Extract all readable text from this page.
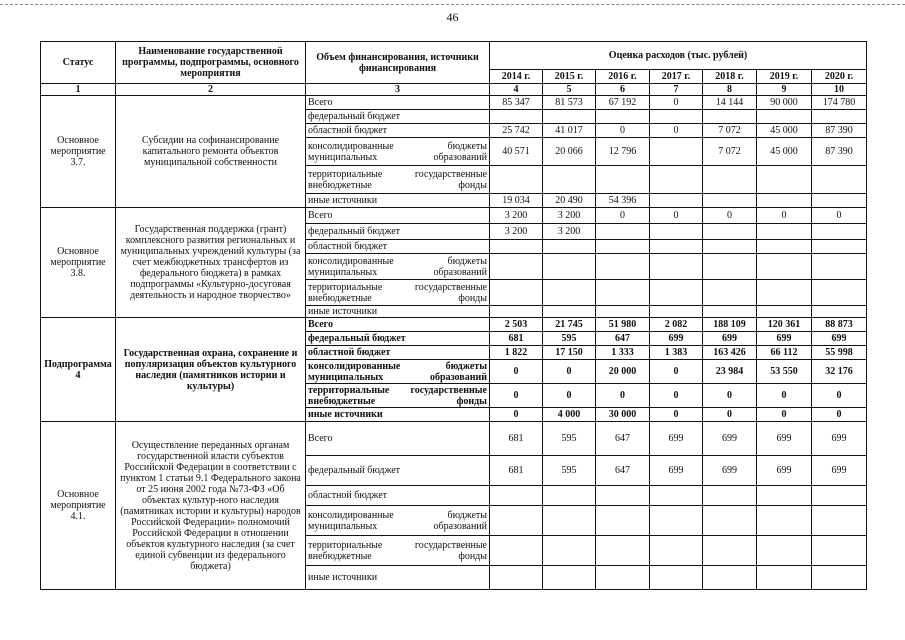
46
Статус	Наименование государственной программы, подпрограммы, основного мероприятия	Объем финансирования, источники финансирования	Оценка расходов (тыс. рублей)						
			2014 г.	2015 г.	2016 г.	2017 г.	2018 г.	2019 г.	2020 г.
1	2	3	4	5	6	7	8	9	10
Основное мероприятие 3.7.	Субсидии на софинансирование капитального ремонта объектов муниципальной собственности	Всего	85 347	81 573	67 192	0	14 144	90 000	174 780
		федеральный бюджет							
		областной бюджет	25 742	41 017	0	0	7 072	45 000	87 390
		консолидированные бюджеты муниципальных образований	40 571	20 066	12 796		7 072	45 000	87 390
		территориальные государственные внебюджетные фонды							
		иные источники	19 034	20 490	54 396				
Основное мероприятие 3.8.	Государственная поддержка (грант) комплексного развития региональных и муниципальных учреждений культуры (за счет межбюджетных трансфертов из федерального бюджета) в рамках подпрограммы «Культурно-досуговая деятельность и народное творчество»	Всего	3 200	3 200	0	0	0	0	0
		федеральный бюджет	3 200	3 200					
		областной бюджет							
		консолидированные бюджеты муниципальных образований							
		территориальные государственные внебюджетные фонды							
		иные источники							
Подпрограмма 4	Государственная охрана, сохранение и популяризация объектов культурного наследия (памятников истории и культуры)	Всего	2 503	21 745	51 980	2 082	188 109	120 361	88 873
		федеральный бюджет	681	595	647	699	699	699	699
		областной бюджет	1 822	17 150	1 333	1 383	163 426	66 112	55 998
		консолидированные бюджеты муниципальных образований	0	0	20 000	0	23 984	53 550	32 176
		территориальные государственные внебюджетные фонды	0	0	0	0	0	0	0
		иные источники	0	4 000	30 000	0	0	0	0
Основное мероприятие 4.1.	Осуществление переданных органам государственной власти субъектов Российской Федерации в соответствии с пунктом 1 статьи 9.1 Федерального закона от 25 июня 2002 года №73-ФЗ «Об объектах культур-ного наследия (памятниках истории и культуры) народов Российской Федерации» полномочий Российской Федерации в отношении объектов культурного наследия (за счет единой субвенции из федерального бюджета)	Всего	681	595	647	699	699	699	699
		федеральный бюджет	681	595	647	699	699	699	699
		областной бюджет							
		консолидированные бюджеты муниципальных образований							
		территориальные государственные внебюджетные фонды							
		иные источники							
